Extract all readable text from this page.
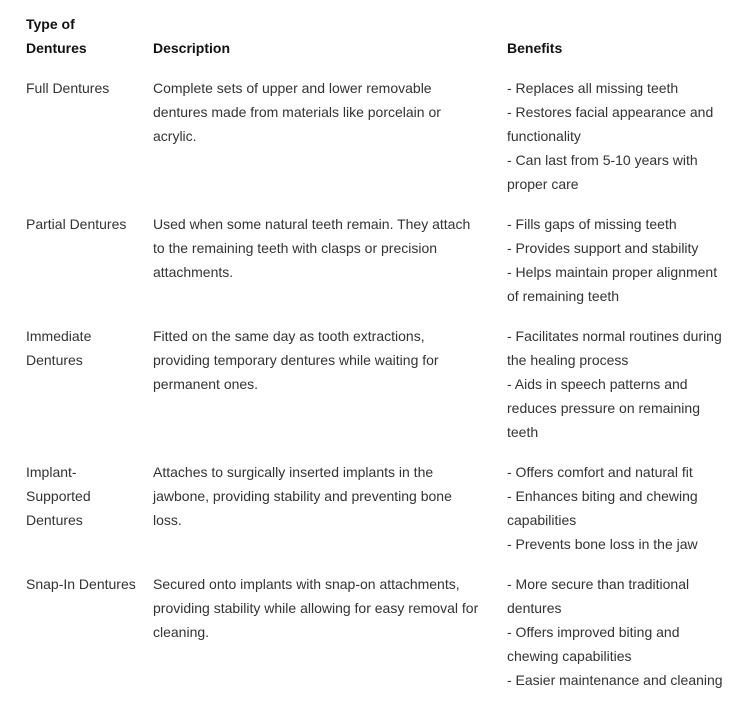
Type of Dentures	Description	Benefits

Full Dentures	Complete sets of upper and lower removable dentures made from materials like porcelain or acrylic.	- Replaces all missing teeth
- Restores facial appearance and functionality
- Can last from 5-10 years with proper care

Partial Dentures	Used when some natural teeth remain. They attach to the remaining teeth with clasps or precision attachments.	- Fills gaps of missing teeth
- Provides support and stability
- Helps maintain proper alignment of remaining teeth

Immediate Dentures	Fitted on the same day as tooth extractions, providing temporary dentures while waiting for permanent ones.	- Facilitates normal routines during the healing process
- Aids in speech patterns and reduces pressure on remaining teeth

Implant-Supported Dentures	Attaches to surgically inserted implants in the jawbone, providing stability and preventing bone loss.	- Offers comfort and natural fit
- Enhances biting and chewing capabilities
- Prevents bone loss in the jaw

Snap-In Dentures	Secured onto implants with snap-on attachments, providing stability while allowing for easy removal for cleaning.	- More secure than traditional dentures
- Offers improved biting and chewing capabilities
- Easier maintenance and cleaning
